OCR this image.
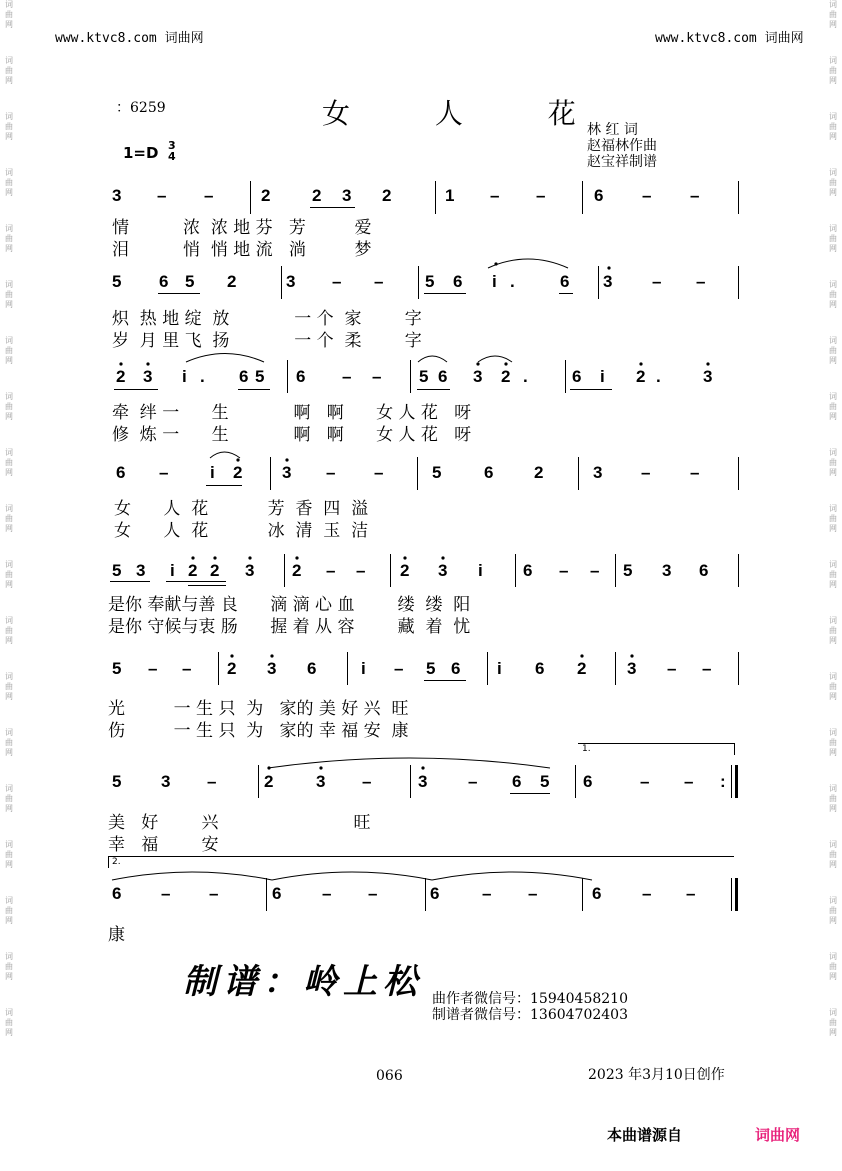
词
曲
网
词
曲
网
词
曲
网
词
曲
网
词
曲
网
词
曲
网
词
曲
网
词
曲
网
词
曲
网
词
曲
网
词
曲
网
词
曲
网
词
曲
网
词
曲
网
词
曲
网
词
曲
网
词
曲
网
词
曲
网
词
曲
网
词
曲
网
词
曲
网
词
曲
网
词
曲
网
词
曲
网
词
曲
网
词
曲
网
词
曲
网
词
曲
网
词
曲
网
词
曲
网
词
曲
网
词
曲
网
词
曲
网
词
曲
网
词
曲
网
词
曲
网
词
曲
网
词
曲
网
www.ktvc8.com 词曲网	www.ktvc8.com 词曲网
：6259	女 人 花
林 红 词
赵福林作曲
赵宝祥制谱
1=D 3
4
3 – –	2 2 3 2	1 – –	6 – –
情          浓  浓 地 芬   芳         爱
泪          悄  悄 地 流   淌         梦
5 6 5 2	3 – – 5 6 i .	6 3 – –
炽  热 地 绽  放            一 个  家        字
岁  月 里 飞  扬            一 个  柔        字
2 3 i . 6 5 6 – – 5 6 3 2 .	6 i 2 . 3
牵  绊 一      生            啊   啊      女 人 花   呀
修  炼 一      生            啊   啊      女 人 花   呀
6 – i 2 3 – –	5	6 2	3 – –
女      人  花           芳  香  四  溢
女      人  花           冰  清  玉  洁
5 3 i 2 2 3 2 – – 2 3 i 6 – – 5 3 6
是你 奉献与善 良      滴 滴 心 血        缕  缕  阳
是你 守候与衷 肠      握 着 从 容        藏  着  忧
5 – – 2 3 6	i – 5 6 i 6 2 3 – –
光         一 生 只  为   家的 美 好 兴  旺
伤         一 生 只  为   家的 幸 福 安  康
1.
5 3 –	2	3 –	3 – 6 5 6	– – :
美   好        兴                         旺
幸   福        安
2.
6 – –	6 – –	6	– –	6 – –
康
制谱：岭上松 曲作者微信号：15940458210
制谱者微信号：13604702403
066	2023 年3月10日创作
本曲谱源自	词曲网
